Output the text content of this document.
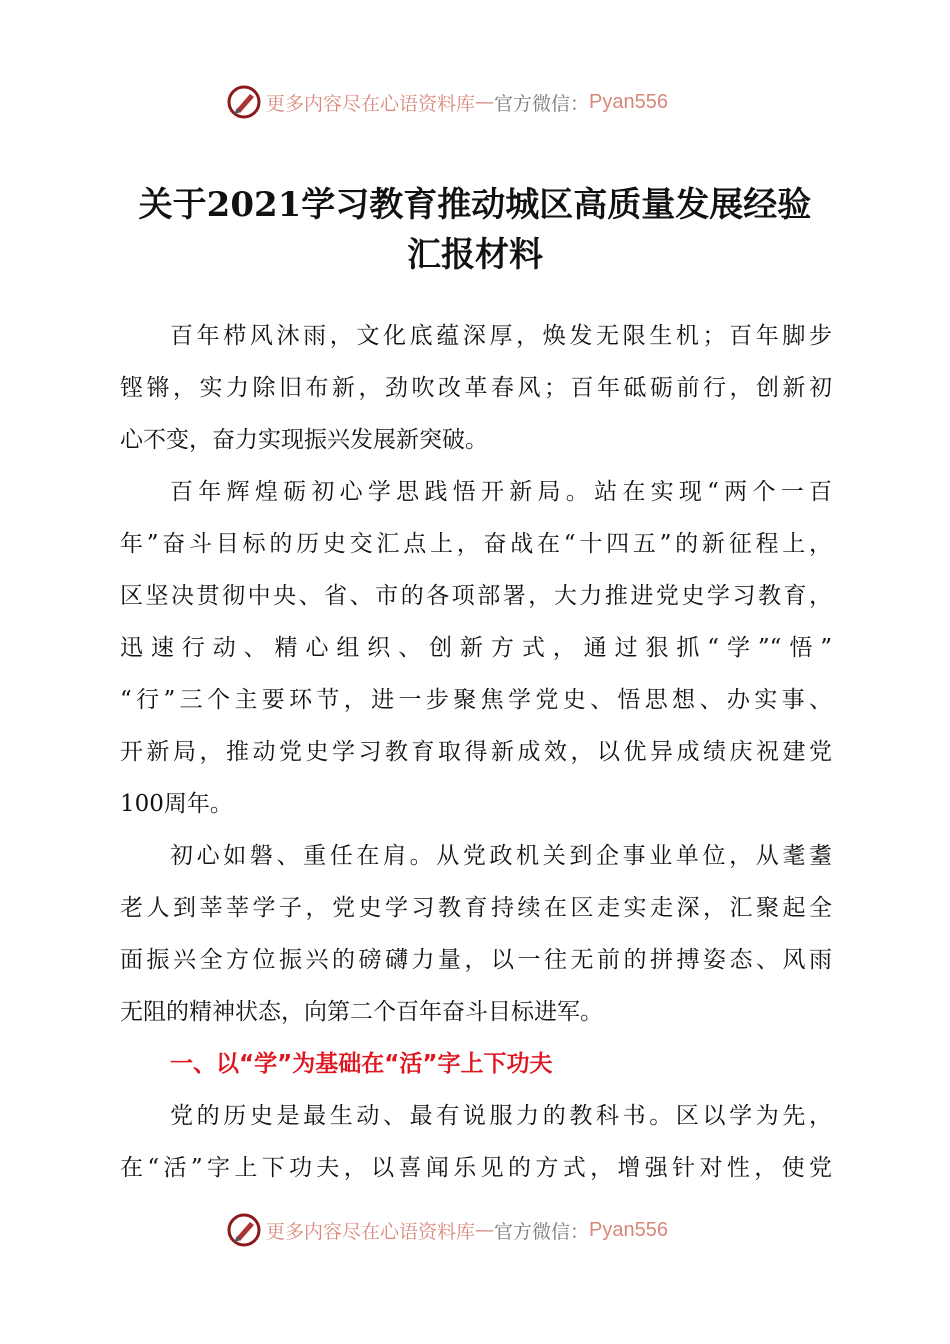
更多内容尽在心语资料库 — 官方微信： Pyan556
关于2021学习教育推动城区高质量发展经验
汇报材料
百年栉风沐雨，文化底蕴深厚，焕发无限生机；百年脚步
铿锵，实力除旧布新，劲吹改革春风；百年砥砺前行，创新初
心不变，奋力实现振兴发展新突破。
百年辉煌砺初心学思践悟开新局。站在实现“两个一百
年”奋斗目标的历史交汇点上，奋战在“十四五”的新征程上，
区坚决贯彻中央、省、市的各项部署，大力推进党史学习教育，
迅速行动、精心组织、创新方式，通过狠抓“学”“悟”
“行”三个主要环节，进一步聚焦学党史、悟思想、办实事、
开新局，推动党史学习教育取得新成效，以优异成绩庆祝建党
100周年。
初心如磐、重任在肩。从党政机关到企事业单位，从耄耋
老人到莘莘学子，党史学习教育持续在区走实走深，汇聚起全
面振兴全方位振兴的磅礴力量，以一往无前的拼搏姿态、风雨
无阻的精神状态，向第二个百年奋斗目标进军。
一、以“学”为基础在“活”字上下功夫
党的历史是最生动、最有说服力的教科书。区以学为先，
在“活”字上下功夫，以喜闻乐见的方式，增强针对性，使党
更多内容尽在心语资料库 — 官方微信： Pyan556
